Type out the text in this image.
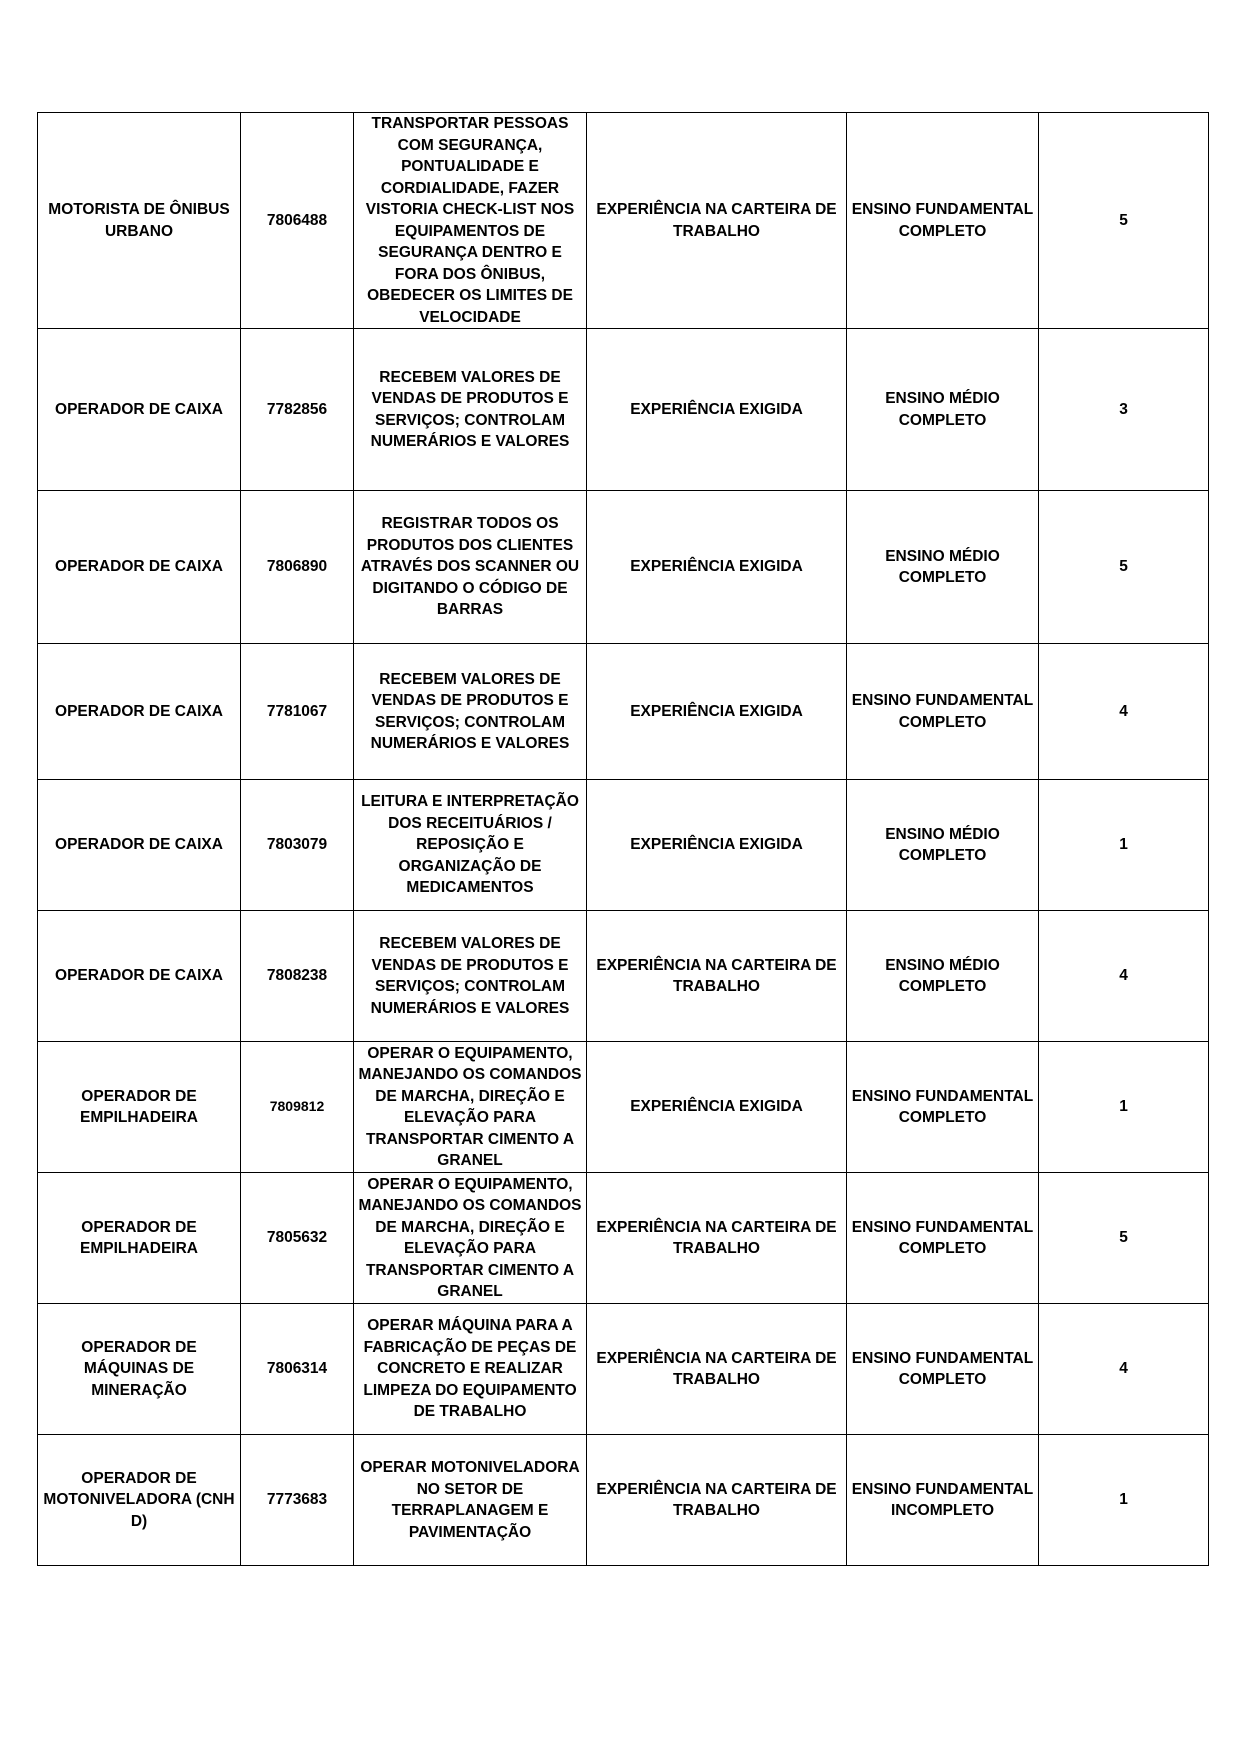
MOTORISTA DE ÔNIBUS URBANO	7806488	TRANSPORTAR PESSOAS COM SEGURANÇA, PONTUALIDADE E CORDIALIDADE, FAZER VISTORIA CHECK-LIST NOS EQUIPAMENTOS DE SEGURANÇA DENTRO E FORA DOS ÔNIBUS, OBEDECER OS LIMITES DE VELOCIDADE	EXPERIÊNCIA NA CARTEIRA DE TRABALHO	ENSINO FUNDAMENTAL COMPLETO	5
OPERADOR DE CAIXA	7782856	RECEBEM VALORES DE VENDAS DE PRODUTOS E SERVIÇOS; CONTROLAM NUMERÁRIOS E VALORES	EXPERIÊNCIA EXIGIDA	ENSINO MÉDIO COMPLETO	3
OPERADOR DE CAIXA	7806890	REGISTRAR TODOS OS PRODUTOS DOS CLIENTES ATRAVÉS DOS SCANNER OU DIGITANDO O CÓDIGO DE BARRAS	EXPERIÊNCIA EXIGIDA	ENSINO MÉDIO COMPLETO	5
OPERADOR DE CAIXA	7781067	RECEBEM VALORES DE VENDAS DE PRODUTOS E SERVIÇOS; CONTROLAM NUMERÁRIOS E VALORES	EXPERIÊNCIA EXIGIDA	ENSINO FUNDAMENTAL COMPLETO	4
OPERADOR DE CAIXA	7803079	LEITURA E INTERPRETAÇÃO DOS RECEITUÁRIOS / REPOSIÇÃO E ORGANIZAÇÃO DE MEDICAMENTOS	EXPERIÊNCIA EXIGIDA	ENSINO MÉDIO COMPLETO	1
OPERADOR DE CAIXA	7808238	RECEBEM VALORES DE VENDAS DE PRODUTOS E SERVIÇOS; CONTROLAM NUMERÁRIOS E VALORES	EXPERIÊNCIA NA CARTEIRA DE TRABALHO	ENSINO MÉDIO COMPLETO	4
OPERADOR DE EMPILHADEIRA	7809812	OPERAR O EQUIPAMENTO, MANEJANDO OS COMANDOS DE MARCHA, DIREÇÃO E ELEVAÇÃO PARA TRANSPORTAR CIMENTO A GRANEL	EXPERIÊNCIA EXIGIDA	ENSINO FUNDAMENTAL COMPLETO	1
OPERADOR DE EMPILHADEIRA	7805632	OPERAR O EQUIPAMENTO, MANEJANDO OS COMANDOS DE MARCHA, DIREÇÃO E ELEVAÇÃO PARA TRANSPORTAR CIMENTO A GRANEL	EXPERIÊNCIA NA CARTEIRA DE TRABALHO	ENSINO FUNDAMENTAL COMPLETO	5
OPERADOR DE MÁQUINAS DE MINERAÇÃO	7806314	OPERAR MÁQUINA PARA A FABRICAÇÃO DE PEÇAS DE CONCRETO E REALIZAR LIMPEZA DO EQUIPAMENTO DE TRABALHO	EXPERIÊNCIA NA CARTEIRA DE TRABALHO	ENSINO FUNDAMENTAL COMPLETO	4
OPERADOR DE MOTONIVELADORA (CNH D)	7773683	OPERAR MOTONIVELADORA NO SETOR DE TERRAPLANAGEM E PAVIMENTAÇÃO	EXPERIÊNCIA NA CARTEIRA DE TRABALHO	ENSINO FUNDAMENTAL INCOMPLETO	1
